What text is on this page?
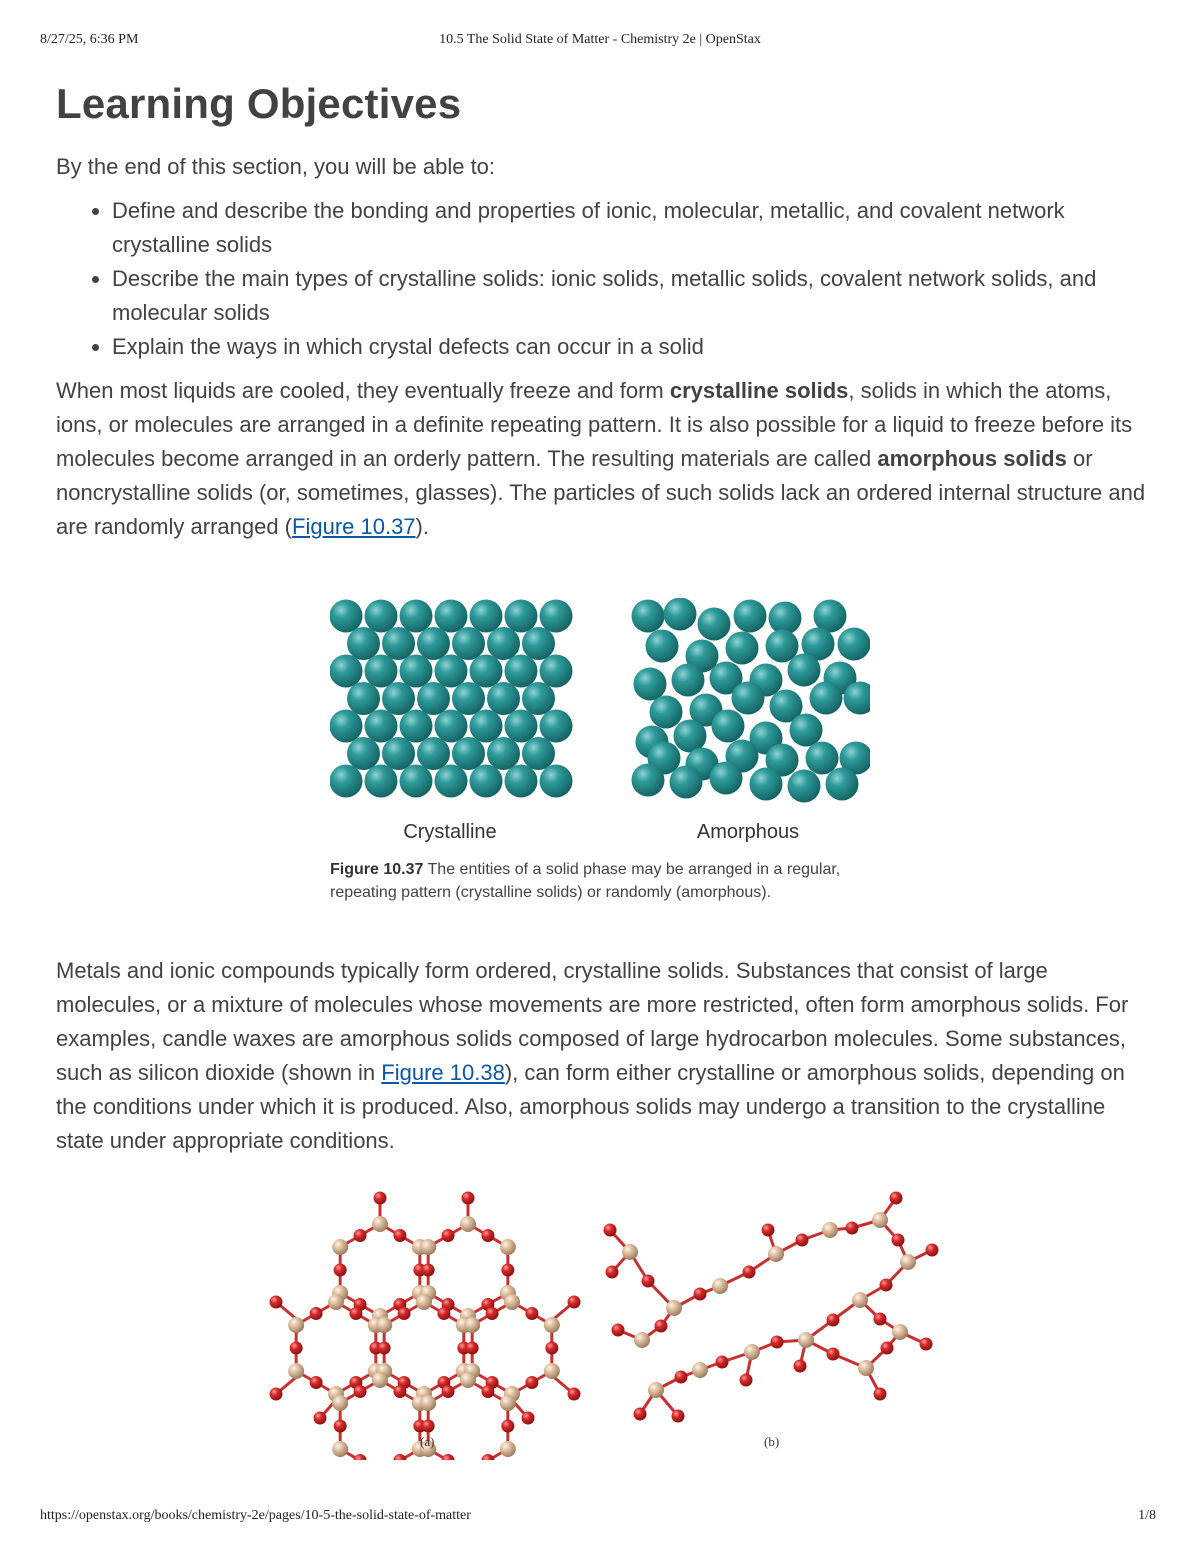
8/27/25, 6:36 PM	10.5 The Solid State of Matter - Chemistry 2e | OpenStax
Learning Objectives

By the end of this section, you will be able to:

• Define and describe the bonding and properties of ionic, molecular, metallic, and covalent network crystalline solids
• Describe the main types of crystalline solids: ionic solids, metallic solids, covalent network solids, and molecular solids
• Explain the ways in which crystal defects can occur in a solid

When most liquids are cooled, they eventually freeze and form crystalline solids, solids in which the atoms, ions, or molecules are arranged in a definite repeating pattern. It is also possible for a liquid to freeze before its molecules become arranged in an orderly pattern. The resulting materials are called amorphous solids or noncrystalline solids (or, sometimes, glasses). The particles of such solids lack an ordered internal structure and are randomly arranged (Figure 10.37).

Crystalline	Amorphous
Figure 10.37 The entities of a solid phase may be arranged in a regular, repeating pattern (crystalline solids) or randomly (amorphous).

Metals and ionic compounds typically form ordered, crystalline solids. Substances that consist of large molecules, or a mixture of molecules whose movements are more restricted, often form amorphous solids. For examples, candle waxes are amorphous solids composed of large hydrocarbon molecules. Some substances, such as silicon dioxide (shown in Figure 10.38), can form either crystalline or amorphous solids, depending on the conditions under which it is produced. Also, amorphous solids may undergo a transition to the crystalline state under appropriate conditions.

(a)	(b)
https://openstax.org/books/chemistry-2e/pages/10-5-the-solid-state-of-matter	1/8
